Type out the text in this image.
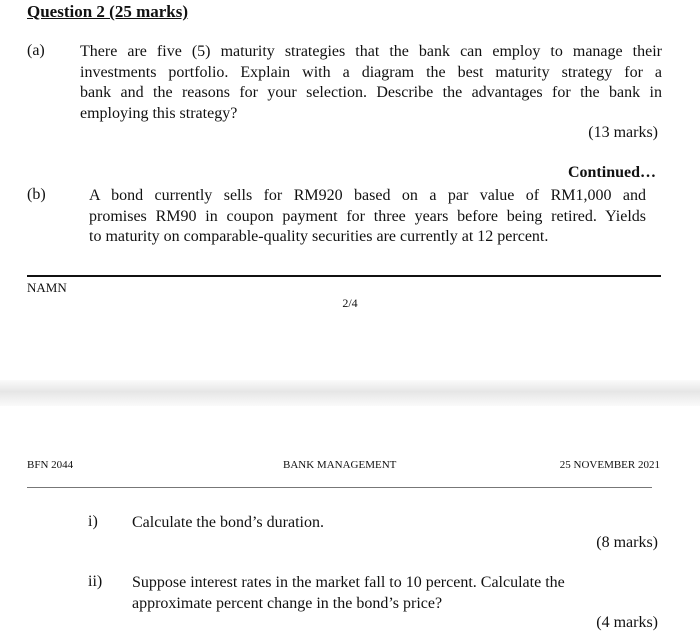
Question 2 (25 marks)
(a) There are five (5) maturity strategies that the bank can employ to manage their
investments portfolio. Explain with a diagram the best maturity strategy for a
bank and the reasons for your selection. Describe the advantages for the bank in
employing this strategy?
(13 marks)
Continued…
(b)	A bond currently sells for RM920 based on a par value of RM1,000 and
promises RM90 in coupon payment for three years before being retired. Yields
to maturity on comparable-quality securities are currently at 12 percent.
NAMN
2/4
BFN 2044	BANK MANAGEMENT	25 NOVEMBER 2021
i) Calculate the bond’s duration.
(8 marks)
ii) Suppose interest rates in the market fall to 10 percent. Calculate the
approximate percent change in the bond’s price?
(4 marks)
